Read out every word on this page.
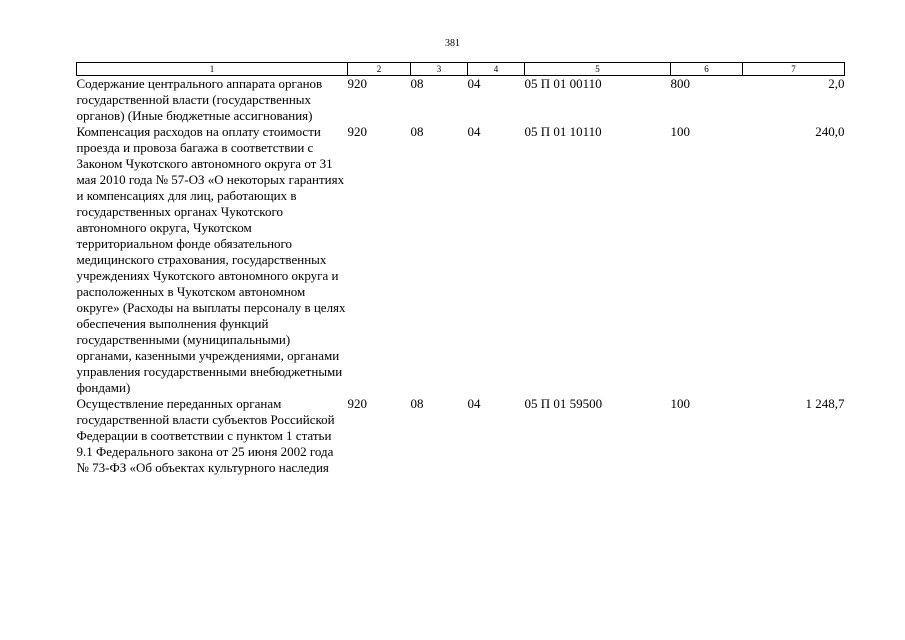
381
1	2	3	4	5	6	7
Содержание центрального аппарата органов государственной власти (государственных органов) (Иные бюджетные ассигнования)	920	08	04	05 П 01 00110	800	2,0
Компенсация расходов на оплату стоимости проезда и провоза багажа в соответствии с Законом Чукотского автономного округа от 31 мая 2010 года № 57-ОЗ «О некоторых гарантиях и компенсациях для лиц, работающих в государственных органах Чукотского автономного округа, Чукотском территориальном фонде обязательного медицинского страхования, государственных учреждениях Чукотского автономного округа и расположенных в Чукотском автономном округе» (Расходы на выплаты персоналу в целях обеспечения выполнения функций государственными (муниципальными) органами, казенными учреждениями, органами управления государственными внебюджетными фондами)	920	08	04	05 П 01 10110	100	240,0
Осуществление переданных органам государственной власти субъектов Российской Федерации в соответствии с пунктом 1 статьи 9.1 Федерального закона от 25 июня 2002 года № 73-ФЗ «Об объектах культурного наследия	920	08	04	05 П 01 59500	100	1 248,7
